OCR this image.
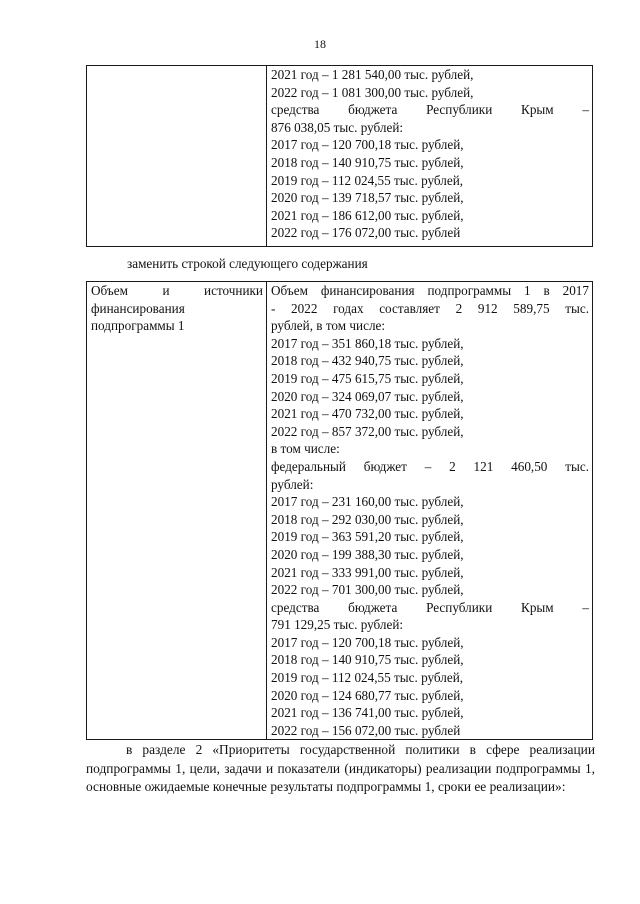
18

2021 год – 1 281 540,00 тыс. рублей,
2022 год – 1 081 300,00 тыс. рублей,
средства бюджета Республики Крым –
876 038,05 тыс. рублей:
2017 год – 120 700,18 тыс. рублей,
2018 год – 140 910,75 тыс. рублей,
2019 год – 112 024,55 тыс. рублей,
2020 год – 139 718,57 тыс. рублей,
2021 год – 186 612,00 тыс. рублей,
2022 год – 176 072,00 тыс. рублей
заменить строкой следующего содержания
Объем	и	источники
финансирования
подпрограммы 1

Объем финансирования подпрограммы 1 в 2017
- 2022 годах составляет 2 912 589,75 тыс.
рублей, в том числе:
2017 год – 351 860,18 тыс. рублей,
2018 год – 432 940,75 тыс. рублей,
2019 год – 475 615,75 тыс. рублей,
2020 год – 324 069,07 тыс. рублей,
2021 год – 470 732,00 тыс. рублей,
2022 год – 857 372,00 тыс. рублей,
в том числе:
федеральный бюджет – 2 121 460,50 тыс.
рублей:
2017 год – 231 160,00 тыс. рублей,
2018 год – 292 030,00 тыс. рублей,
2019 год – 363 591,20 тыс. рублей,
2020 год – 199 388,30 тыс. рублей,
2021 год – 333 991,00 тыс. рублей,
2022 год – 701 300,00 тыс. рублей,
средства бюджета Республики Крым –
791 129,25 тыс. рублей:
2017 год – 120 700,18 тыс. рублей,
2018 год – 140 910,75 тыс. рублей,
2019 год – 112 024,55 тыс. рублей,
2020 год – 124 680,77 тыс. рублей,
2021 год – 136 741,00 тыс. рублей,
2022 год – 156 072,00 тыс. рублей
в разделе 2 «Приоритеты государственной политики в сфере реализации подпрограммы 1, цели, задачи и показатели (индикаторы) реализации подпрограммы 1, основные ожидаемые конечные результаты подпрограммы 1, сроки ее реализации»:
